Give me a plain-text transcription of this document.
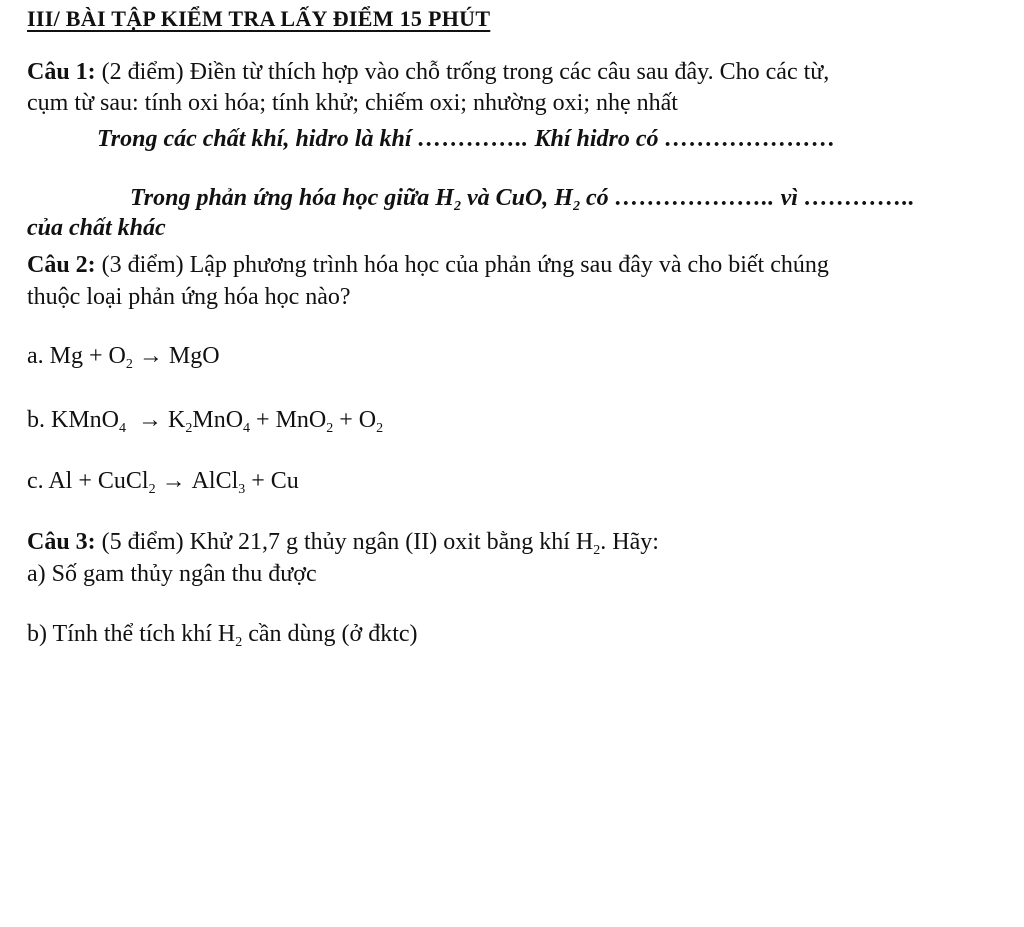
III/ BÀI TẬP KIỂM TRA LẤY ĐIỂM 15 PHÚT
Câu 1: (2 điểm) Điền từ thích hợp vào chỗ trống trong các câu sau đây. Cho các từ,
cụm từ sau: tính oxi hóa; tính khử; chiếm oxi; nhường oxi; nhẹ nhất
Trong các chất khí, hidro là khí ………….. Khí hidro có …………………
Trong phản ứng hóa học giữa $H_2$ và CuO, $H_2$ có ……………….. vì …………..
của chất khác
Câu 2: (3 điểm) Lập phương trình hóa học của phản ứng sau đây và cho biết chúng
thuộc loại phản ứng hóa học nào?
a. $Mg + O_2$ → MgO
b. KMnO$_4$ → $K_2MnO_4 + MnO_2 + O_2$
c. Al + CuCl$_2$ → AlCl$_3$ + Cu
Câu 3: (5 điểm) Khử 21,7 g thủy ngân (II) oxit bằng khí $H_2$. Hãy:
a) Số gam thủy ngân thu được
b) Tính thể tích khí $H_2$ cần dùng (ở đktc)
